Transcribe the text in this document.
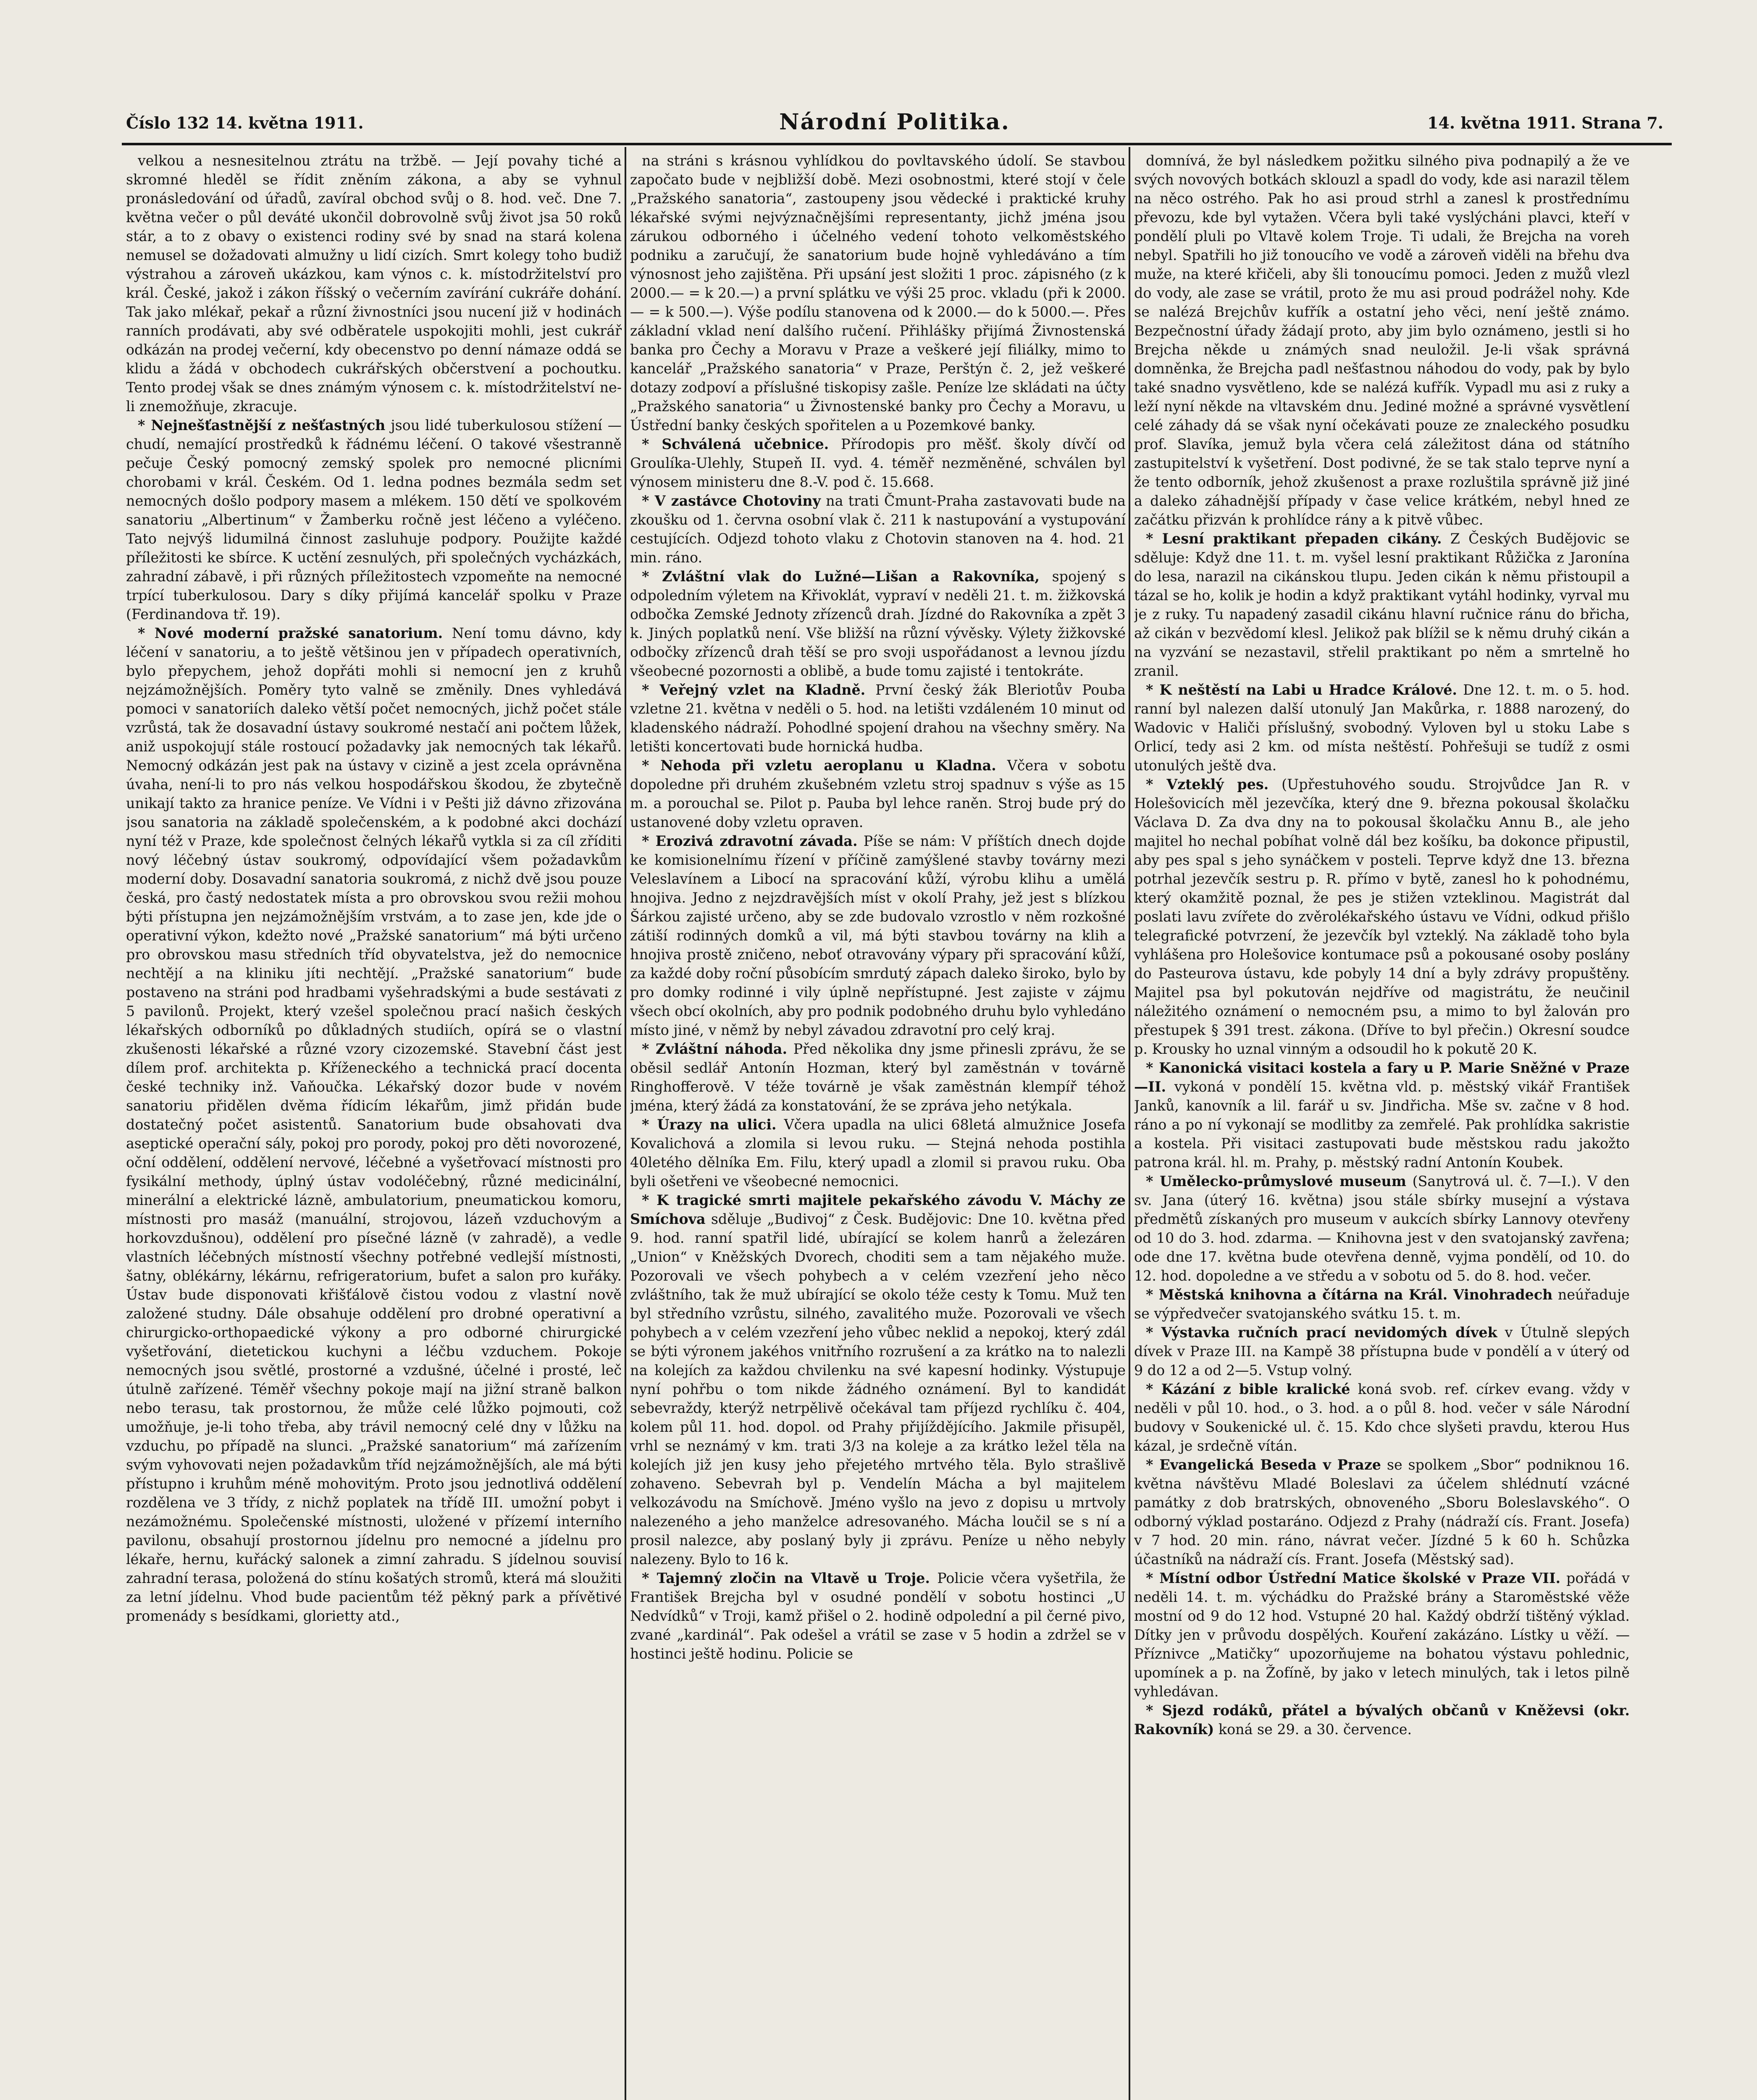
Číslo 132 14. května 1911.	Národní Politika.	14. května 1911. Strana 7.

velkou a nesnesitelnou ztrátu na tržbě. — Její povahy tiché a skromné hleděl se řídit zněním zákona, a aby se vyhnul pronásledování od úřadů, zavíral obchod svůj o 8. hod. več. Dne 7. května večer o půl deváté ukončil dobrovolně svůj život jsa 50 roků stár, a to z obavy o existenci rodiny své by snad na stará kolena nemusel se dožadovati almužny u lidí cizích. Smrt kolegy toho budiž výstrahou a zároveň ukázkou, kam výnos c. k. místodržitelství pro král. České, jakož i zákon říšský o večerním zavírání cukráře dohání. Tak jako mlékař, pekař a různí živnostníci jsou nucení již v hodinách ranních prodávati, aby své odběratele uspokojiti mohli, jest cukrář odkázán na prodej večerní, kdy obecenstvo po denní námaze oddá se klidu a žádá v obchodech cukrářských občerstvení a pochoutku. Tento prodej však se dnes známým výnosem c. k. místodržitelství ne-li znemožňuje, zkracuje.

* Nejnešťastnější z nešťastných jsou lidé tuberkulosou stížení — chudí, nemající prostředků k řádnému léčení. O takové všestranně pečuje Český pomocný zemský spolek pro nemocné plicními chorobami v král. Českém. Od 1. ledna podnes bezmála sedm set nemocných došlo podpory masem a mlékem. 150 dětí ve spolkovém sanatoriu „Albertinum“ v Žamberku ročně jest léčeno a vyléčeno. Tato nejvýš lidumilná činnost zasluhuje podpory. Použijte každé příležitosti ke sbírce. K uctění zesnulých, při společných vycházkách, zahradní zábavě, i při různých příležitostech vzpomeňte na nemocné trpící tuberkulosou. Dary s díky přijímá kancelář spolku v Praze (Ferdinandova tř. 19).

* Nové moderní pražské sanatorium. Není tomu dávno, kdy léčení v sanatoriu, a to ještě většinou jen v případech operativních, bylo přepychem, jehož dopřáti mohli si nemocní jen z kruhů nejzámožnějších. Poměry tyto valně se změnily. Dnes vyhledává pomoci v sanatoriích daleko větší počet nemocných, jichž počet stále vzrůstá, tak že dosavadní ústavy soukromé nestačí ani počtem lůžek, aniž uspokojují stále rostoucí požadavky jak nemocných tak lékařů. Nemocný odkázán jest pak na ústavy v cizině a jest zcela oprávněna úvaha, není-li to pro nás velkou hospodářskou škodou, že zbytečně unikají takto za hranice peníze. Ve Vídni i v Pešti již dávno zřizována jsou sanatoria na základě společenském, a k podobné akci dochází nyní též v Praze, kde společnost čelných lékařů vytkla si za cíl zříditi nový léčebný ústav soukromý, odpovídající všem požadavkům moderní doby. Dosavadní sanatoria soukromá, z nichž dvě jsou pouze česká, pro častý nedostatek místa a pro obrovskou svou režii mohou býti přístupna jen nejzámožnějším vrstvám, a to zase jen, kde jde o operativní výkon, kdežto nové „Pražské sanatorium“ má býti určeno pro obrovskou masu středních tříd obyvatelstva, jež do nemocnice nechtějí a na kliniku jíti nechtějí. „Pražské sanatorium“ bude postaveno na stráni pod hradbami vyšehradskými a bude sestávati z 5 pavilonů. Projekt, který vzešel společnou prací našich českých lékařských odborníků po důkladných studiích, opírá se o vlastní zkušenosti lékařské a různé vzory cizozemské. Stavební část jest dílem prof. architekta p. Kříženeckého a technická prací docenta české techniky inž. Vaňoučka. Lékařský dozor bude v novém sanatoriu přidělen dvěma řídicím lékařům, jimž přidán bude dostatečný počet asistentů. Sanatorium bude obsahovati dva aseptické operační sály, pokoj pro porody, pokoj pro děti novorozené, oční oddělení, oddělení nervové, léčebné a vyšetřovací místnosti pro fysikální methody, úplný ústav vodoléčebný, různé medicinální, minerální a elektrické lázně, ambulatorium, pneumatickou komoru, místnosti pro masáž (manuální, strojovou, lázeň vzduchovým a horkovzdušnou), oddělení pro písečné lázně (v zahradě), a vedle vlastních léčebných místností všechny potřebné vedlejší místnosti, šatny, oblékárny, lékárnu, refrigeratorium, bufet a salon pro kuřáky. Ústav bude disponovati křišťálově čistou vodou z vlastní nově založené studny. Dále obsahuje oddělení pro drobné operativní a chirurgicko-orthopaedické výkony a pro odborné chirurgické vyšetřování, dietetickou kuchyni a léčbu vzduchem. Pokoje nemocných jsou světlé, prostorné a vzdušné, účelné i prosté, leč útulně zařízené. Téměř všechny pokoje mají na jižní straně balkon nebo terasu, tak prostornou, že může celé lůžko pojmouti, což umožňuje, je-li toho třeba, aby trávil nemocný celé dny v lůžku na vzduchu, po případě na slunci. „Pražské sanatorium“ má zařízením svým vyhovovati nejen požadavkům tříd nejzámožnějších, ale má býti přístupno i kruhům méně mohovitým. Proto jsou jednotlivá oddělení rozdělena ve 3 třídy, z nichž poplatek na třídě III. umožní pobyt i nezámožnému. Společenské místnosti, uložené v přízemí interního pavilonu, obsahují prostornou jídelnu pro nemocné a jídelnu pro lékaře, hernu, kuřácký salonek a zimní zahradu. S jídelnou souvisí zahradní terasa, položená do stínu košatých stromů, která má sloužiti za letní jídelnu. Vhod bude pacientům též pěkný park a přívětivé promenády s besídkami, glorietty atd.,

na stráni s krásnou vyhlídkou do povltavského údolí. Se stavbou započato bude v nejbližší době. Mezi osobnostmi, které stojí v čele „Pražského sanatoria“, zastoupeny jsou vědecké i praktické kruhy lékařské svými nejvýznačnějšími representanty, jichž jména jsou zárukou odborného i účelného vedení tohoto velkoměstského podniku a zaručují, že sanatorium bude hojně vyhledáváno a tím výnosnost jeho zajištěna. Při upsání jest složiti 1 proc. zápisného (z k 2000.— = k 20.—) a první splátku ve výši 25 proc. vkladu (při k 2000.— = k 500.—). Výše podílu stanovena od k 2000.— do k 5000.—. Přes základní vklad není dalšího ručení. Přihlášky přijímá Živnostenská banka pro Čechy a Moravu v Praze a veškeré její filiálky, mimo to kancelář „Pražského sanatoria“ v Praze, Perštýn č. 2, jež veškeré dotazy zodpoví a příslušné tiskopisy zašle. Peníze lze skládati na účty „Pražského sanatoria“ u Živnostenské banky pro Čechy a Moravu, u Ústřední banky českých spořitelen a u Pozemkové banky.

* Schválená učebnice. Přírodopis pro měšť. školy dívčí od Groulíka-Ulehly, Stupeň II. vyd. 4. téměř nezměněné, schválen byl výnosem ministeru dne 8.-V. pod č. 15.668.

* V zastávce Chotoviny na trati Čmunt-Praha zastavovati bude na zkoušku od 1. června osobní vlak č. 211 k nastupování a vystupování cestujících. Odjezd tohoto vlaku z Chotovin stanoven na 4. hod. 21 min. ráno.

* Zvláštní vlak do Lužné—Lišan a Rakovníka, spojený s odpoledním výletem na Křivoklát, vypraví v neděli 21. t. m. žižkovská odbočka Zemské Jednoty zřízenců drah. Jízdné do Rakovníka a zpět 3 k. Jiných poplatků není. Vše bližší na různí vývěsky. Výlety žižkovské odbočky zřízenců drah těší se pro svoji uspořádanost a levnou jízdu všeobecné pozornosti a oblibě, a bude tomu zajisté i tentokráte.

* Veřejný vzlet na Kladně. První český žák Bleriotův Pouba vzletne 21. května v neděli o 5. hod. na letišti vzdáleném 10 minut od kladenského nádraží. Pohodlné spojení drahou na všechny směry. Na letišti koncertovati bude hornická hudba.

* Nehoda při vzletu aeroplanu u Kladna. Včera v sobotu dopoledne při druhém zkušebném vzletu stroj spadnuv s výše as 15 m. a porouchal se. Pilot p. Pauba byl lehce raněn. Stroj bude prý do ustanovené doby vzletu opraven.

* Erozivá zdravotní závada. Píše se nám: V příštích dnech dojde ke komisionelnímu řízení v příčině zamýšlené stavby továrny mezi Veleslavínem a Libocí na spracování kůží, výrobu klihu a umělá hnojiva. Jedno z nejzdravějších míst v okolí Prahy, jež jest s blízkou Šárkou zajisté určeno, aby se zde budovalo vzrostlo v něm rozkošné zátiší rodinných domků a vil, má býti stavbou továrny na klih a hnojiva prostě zničeno, neboť otravovány výpary při spracování kůží, za každé doby roční působícím smrdutý zápach daleko široko, bylo by pro domky rodinné i vily úplně nepřístupné. Jest zajiste v zájmu všech obcí okolních, aby pro podnik podobného druhu bylo vyhledáno místo jiné, v němž by nebyl závadou zdravotní pro celý kraj.

* Zvláštní náhoda. Před několika dny jsme přinesli zprávu, že se oběsil sedlář Antonín Hozman, který byl zaměstnán v továrně Ringhofferově. V téže továrně je však zaměstnán klempíř téhož jména, který žádá za konstatování, že se zpráva jeho netýkala.

* Úrazy na ulici. Včera upadla na ulici 68letá almužnice Josefa Kovalichová a zlomila si levou ruku. — Stejná nehoda postihla 40letého dělníka Em. Filu, který upadl a zlomil si pravou ruku. Oba byli ošetřeni ve všeobecné nemocnici.

* K tragické smrti majitele pekařského závodu V. Máchy ze Smíchova sděluje „Budivoj“ z Česk. Budějovic: Dne 10. května před 9. hod. ranní spatřil lidé, ubírající se kolem hanrů a železáren „Union“ v Kněžských Dvorech, choditi sem a tam nějakého muže. Pozorovali ve všech pohybech a v celém vzezření jeho něco zvláštního, tak že muž ubírající se okolo téže cesty k Tomu. Muž ten byl středního vzrůstu, silného, zavalitého muže. Pozorovali ve všech pohybech a v celém vzezření jeho vůbec neklid a nepokoj, který zdál se býti výronem jakéhos vnitřního rozrušení a za krátko na to nalezli na kolejích za každou chvilenku na své kapesní hodinky. Výstupuje nyní pohřbu o tom nikde žádného oznámení. Byl to kandidát sebevraždy, kterýž netrpělivě očekával tam příjezd rychlíku č. 404, kolem půl 11. hod. dopol. od Prahy přijíždějícího. Jakmile přisupěl, vrhl se neznámý v km. trati 3/3 na koleje a za krátko ležel těla na kolejích již jen kusy jeho přejetého mrtvého těla. Bylo strašlivě zohaveno. Sebevrah byl p. Vendelín Mácha a byl majitelem velkozávodu na Smíchově. Jméno vyšlo na jevo z dopisu u mrtvoly nalezeného a jeho manželce adresovaného. Mácha loučil se s ní a prosil nalezce, aby poslaný byly ji zprávu. Peníze u něho nebyly nalezeny. Bylo to 16 k.

* Tajemný zločin na Vltavě u Troje. Policie včera vyšetřila, že František Brejcha byl v osudné pondělí v sobotu hostinci „U Nedvídků“ v Troji, kamž přišel o 2. hodině odpolední a pil černé pivo, zvané „kardinál“. Pak odešel a vrátil se zase v 5 hodin a zdržel se v hostinci ještě hodinu. Policie se

domnívá, že byl následkem požitku silného piva podnapilý a že ve svých novových botkách sklouzl a spadl do vody, kde asi narazil tělem na něco ostrého. Pak ho asi proud strhl a zanesl k prostřednímu převozu, kde byl vytažen. Včera byli také vyslýcháni plavci, kteří v pondělí pluli po Vltavě kolem Troje. Ti udali, že Brejcha na voreh nebyl. Spatřili ho již tonoucího ve vodě a zároveň viděli na břehu dva muže, na které křičeli, aby šli tonoucímu pomoci. Jeden z mužů vlezl do vody, ale zase se vrátil, proto že mu asi proud podrážel nohy. Kde se nalézá Brejchův kufřík a ostatní jeho věci, není ještě známo. Bezpečnostní úřady žádají proto, aby jim bylo oznámeno, jestli si ho Brejcha někde u známých snad neuložil. Je-li však správná domněnka, že Brejcha padl nešťastnou náhodou do vody, pak by bylo také snadno vysvětleno, kde se nalézá kufřík. Vypadl mu asi z ruky a leží nyní někde na vltavském dnu. Jediné možné a správné vysvětlení celé záhady dá se však nyní očekávati pouze ze znaleckého posudku prof. Slavíka, jemuž byla včera celá záležitost dána od státního zastupitelství k vyšetření. Dost podivné, že se tak stalo teprve nyní a že tento odborník, jehož zkušenost a praxe rozluštila správně již jiné a daleko záhadnější případy v čase velice krátkém, nebyl hned ze začátku přizván k prohlídce rány a k pitvě vůbec.

* Lesní praktikant přepaden cikány. Z Českých Budějovic se sděluje: Když dne 11. t. m. vyšel lesní praktikant Růžička z Jaronína do lesa, narazil na cikánskou tlupu. Jeden cikán k němu přistoupil a tázal se ho, kolik je hodin a když praktikant vytáhl hodinky, vyrval mu je z ruky. Tu napadený zasadil cikánu hlavní ručnice ránu do břicha, až cikán v bezvědomí klesl. Jelikož pak blížil se k němu druhý cikán a na vyzvání se nezastavil, střelil praktikant po něm a smrtelně ho zranil.

* K neštěstí na Labi u Hradce Králové. Dne 12. t. m. o 5. hod. ranní byl nalezen další utonulý Jan Makůrka, r. 1888 narozený, do Wadovic v Haliči příslušný, svobodný. Vyloven byl u stoku Labe s Orlicí, tedy asi 2 km. od místa neštěstí. Pohřešuji se tudíž z osmi utonulých ještě dva.

* Vzteklý pes. (Upřestuhového soudu. Strojvůdce Jan R. v Holešovicích měl jezevčíka, který dne 9. března pokousal školačku Václava D. Za dva dny na to pokousal školačku Annu B., ale jeho majitel ho nechal pobíhat volně dál bez košíku, ba dokonce připustil, aby pes spal s jeho synáčkem v posteli. Teprve když dne 13. března potrhal jezevčík sestru p. R. přímo v bytě, zanesl ho k pohodnému, který okamžitě poznal, že pes je stižen vzteklinou. Magistrát dal poslati lavu zvířete do zvěrolékařského ústavu ve Vídni, odkud přišlo telegrafické potvrzení, že jezevčík byl vzteklý. Na základě toho byla vyhlášena pro Holešovice kontumace psů a pokousané osoby poslány do Pasteurova ústavu, kde pobyly 14 dní a byly zdrávy propuštěny. Majitel psa byl pokutován nejdříve od magistrátu, že neučinil náležitého oznámení o nemocném psu, a mimo to byl žalován pro přestupek § 391 trest. zákona. (Dříve to byl přečin.) Okresní soudce p. Krousky ho uznal vinným a odsoudil ho k pokutě 20 K.

* Kanonická visitaci kostela a fary u P. Marie Sněžné v Praze—II. vykoná v pondělí 15. května vld. p. městský vikář František Janků, kanovník a lil. farář u sv. Jindřicha. Mše sv. začne v 8 hod. ráno a po ní vykonají se modlitby za zemřelé. Pak prohlídka sakristie a kostela. Při visitaci zastupovati bude městskou radu jakožto patrona král. hl. m. Prahy, p. městský radní Antonín Koubek.

* Umělecko-průmyslové museum (Sanytrová ul. č. 7—I.). V den sv. Jana (úterý 16. května) jsou stále sbírky musejní a výstava předmětů získaných pro museum v aukcích sbírky Lannovy otevřeny od 10 do 3. hod. zdarma. — Knihovna jest v den svatojanský zavřena; ode dne 17. května bude otevřena denně, vyjma pondělí, od 10. do 12. hod. dopoledne a ve středu a v sobotu od 5. do 8. hod. večer.

* Městská knihovna a čítárna na Král. Vinohradech neúřaduje se výpředvečer svatojanského svátku 15. t. m.

* Výstavka ručních prací nevidomých dívek v Útulně slepých dívek v Praze III. na Kampě 38 přístupna bude v pondělí a v úterý od 9 do 12 a od 2—5. Vstup volný.

* Kázání z bible kralické koná svob. ref. církev evang. vždy v neděli v půl 10. hod., o 3. hod. a o půl 8. hod. večer v sále Národní budovy v Soukenické ul. č. 15. Kdo chce slyšeti pravdu, kterou Hus kázal, je srdečně vítán.

* Evangelická Beseda v Praze se spolkem „Sbor“ podniknou 16. května návštěvu Mladé Boleslavi za účelem shlédnutí vzácné památky z dob bratrských, obnoveného „Sboru Boleslavského“. O odborný výklad postaráno. Odjezd z Prahy (nádraží cís. Frant. Josefa) v 7 hod. 20 min. ráno, návrat večer. Jízdné 5 k 60 h. Schůzka účastníků na nádraží cís. Frant. Josefa (Městský sad).

* Místní odbor Ústřední Matice školské v Praze VII. pořádá v neděli 14. t. m. výchádku do Pražské brány a Staroměstské věže mostní od 9 do 12 hod. Vstupné 20 hal. Každý obdrží tištěný výklad. Dítky jen v průvodu dospělých. Kouření zakázáno. Lístky u věží. — Příznivce „Matičky“ upozorňujeme na bohatou výstavu pohlednic, upomínek a p. na Žofíně, by jako v letech minulých, tak i letos pilně vyhledávan.

* Sjezd rodáků, přátel a bývalých občanů v Kněževsi (okr. Rakovník) koná se 29. a 30. července.
